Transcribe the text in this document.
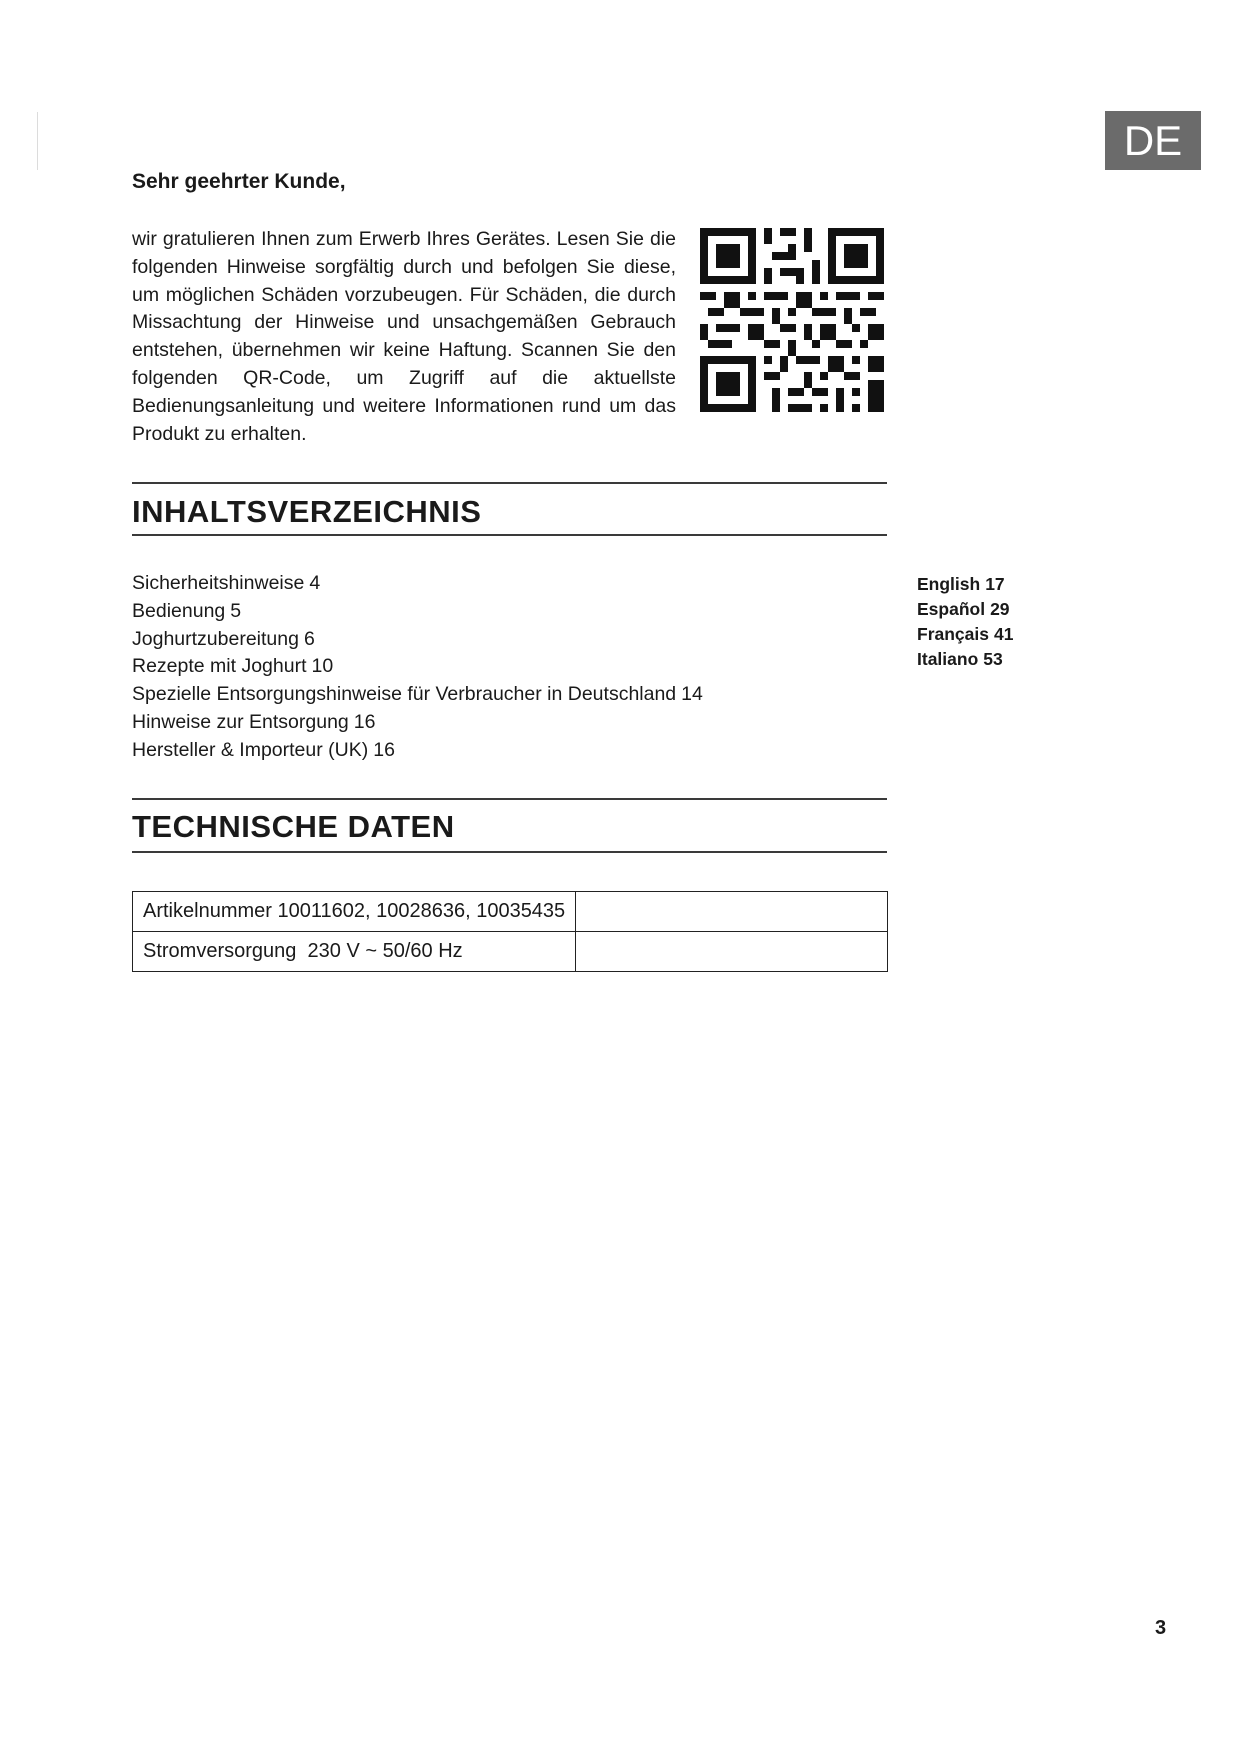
DE
Sehr geehrter Kunde,

wir gratulieren Ihnen zum Erwerb Ihres Gerätes. Lesen Sie die folgenden Hinweise sorgfältig durch und befolgen Sie diese, um möglichen Schäden vorzubeugen. Für Schäden, die durch Missachtung der Hinweise und unsachgemäßen Gebrauch entstehen, übernehmen wir keine Haftung. Scannen Sie den folgenden QR-Code, um Zugriff auf die aktuellste Bedienungsanleitung und weitere Informationen rund um das Produkt zu erhalten.

INHALTSVERZEICHNIS
Sicherheitshinweise 4
Bedienung 5
Joghurtzubereitung 6
Rezepte mit Joghurt 10
Spezielle Entsorgungshinweise für Verbraucher in Deutschland 14
Hinweise zur Entsorgung 16
Hersteller & Importeur (UK) 16
English 17
Español 29
Français 41
Italiano 53
TECHNISCHE DATEN
Artikelnummer 10011602, 10028636, 10035435	
Stromversorgung 230 V ~ 50/60 Hz	
3
